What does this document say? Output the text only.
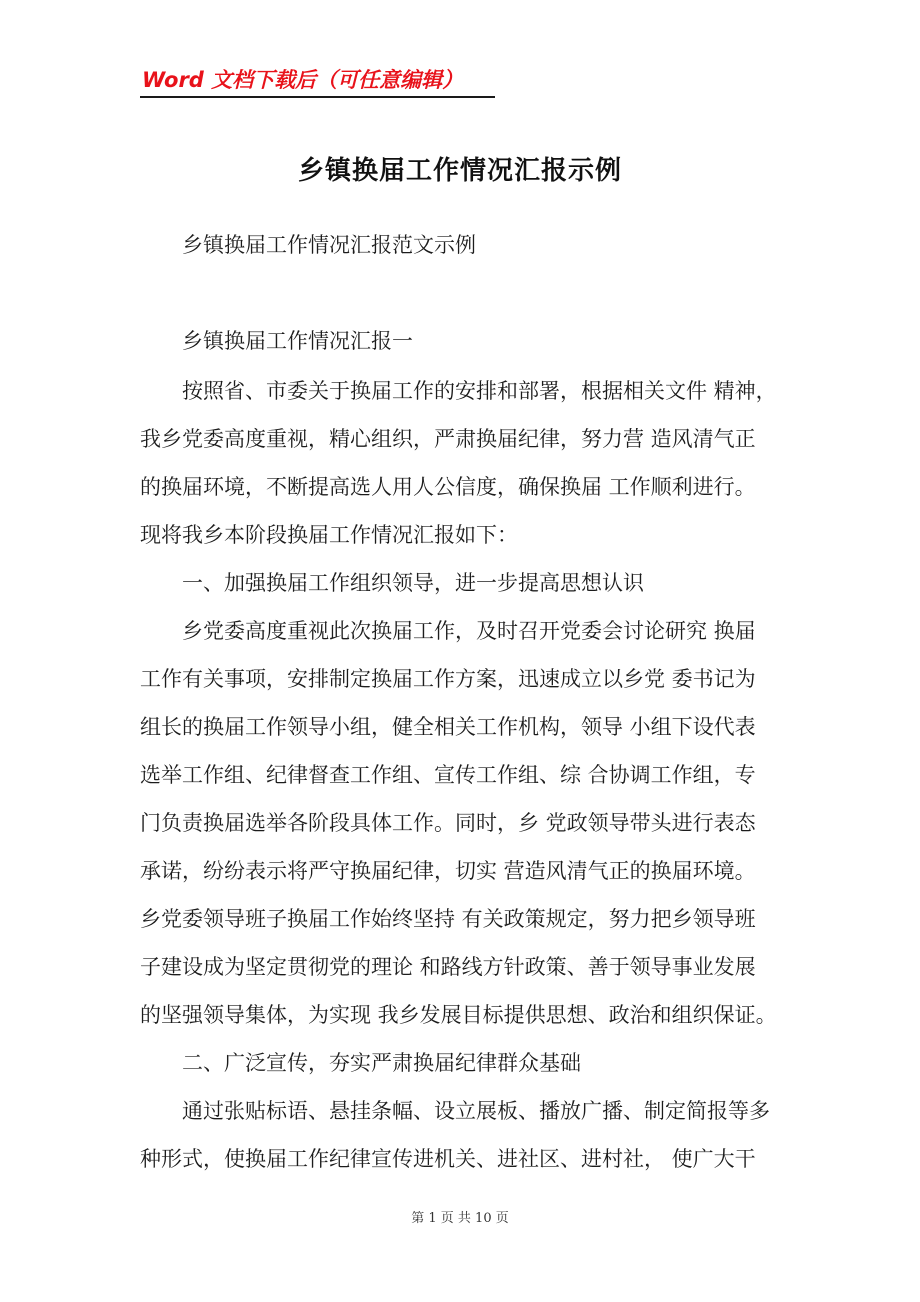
Word 文档下载后（可任意编辑）
乡镇换届工作情况汇报示例
乡镇换届工作情况汇报范文示例
乡镇换届工作情况汇报一
按照省、市委关于换届工作的安排和部署，根据相关文件 精神，
我乡党委高度重视，精心组织，严肃换届纪律，努力营 造风清气正
的换届环境，不断提高选人用人公信度，确保换届 工作顺利进行。
现将我乡本阶段换届工作情况汇报如下：
一、加强换届工作组织领导，进一步提高思想认识
乡党委高度重视此次换届工作，及时召开党委会讨论研究 换届
工作有关事项，安排制定换届工作方案，迅速成立以乡党 委书记为
组长的换届工作领导小组，健全相关工作机构，领导 小组下设代表
选举工作组、纪律督查工作组、宣传工作组、综 合协调工作组，专
门负责换届选举各阶段具体工作。同时，乡 党政领导带头进行表态
承诺，纷纷表示将严守换届纪律，切实 营造风清气正的换届环境。
乡党委领导班子换届工作始终坚持 有关政策规定，努力把乡领导班
子建设成为坚定贯彻党的理论 和路线方针政策、善于领导事业发展
的坚强领导集体，为实现 我乡发展目标提供思想、政治和组织保证。
二、广泛宣传，夯实严肃换届纪律群众基础
通过张贴标语、悬挂条幅、设立展板、播放广播、制定简报等多
种形式，使换届工作纪律宣传进机关、进社区、进村社， 使广大干
第 1 页 共 10 页
